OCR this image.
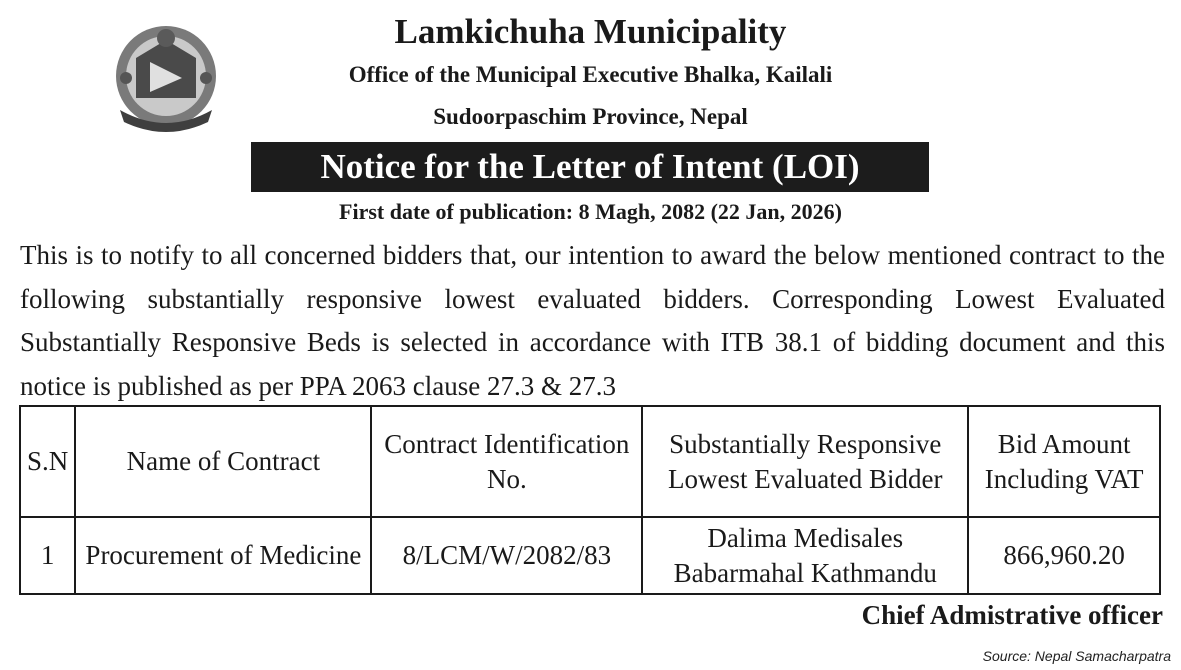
Lamkichuha Municipality
Office of the Municipal Executive Bhalka, Kailali
Sudoorpaschim Province, Nepal
Notice for the Letter of Intent (LOI)
First date of publication: 8 Magh, 2082 (22 Jan, 2026)

This is to notify to all concerned bidders that, our intention to award the below mentioned contract to the following substantially responsive lowest evaluated bidders. Corresponding Lowest Evaluated Substantially Responsive Beds is selected in accordance with ITB 38.1 of bidding document and this notice is published as per PPA 2063 clause 27.3 & 27.3

S.N	Name of Contract	Contract Identification No.	Substantially Responsive Lowest Evaluated Bidder	Bid Amount Including VAT
1	Procurement of Medicine	8/LCM/W/2082/83	Dalima Medisales Babarmahal Kathmandu	866,960.20
Chief Admistrative officer
Source: Nepal Samacharpatra
